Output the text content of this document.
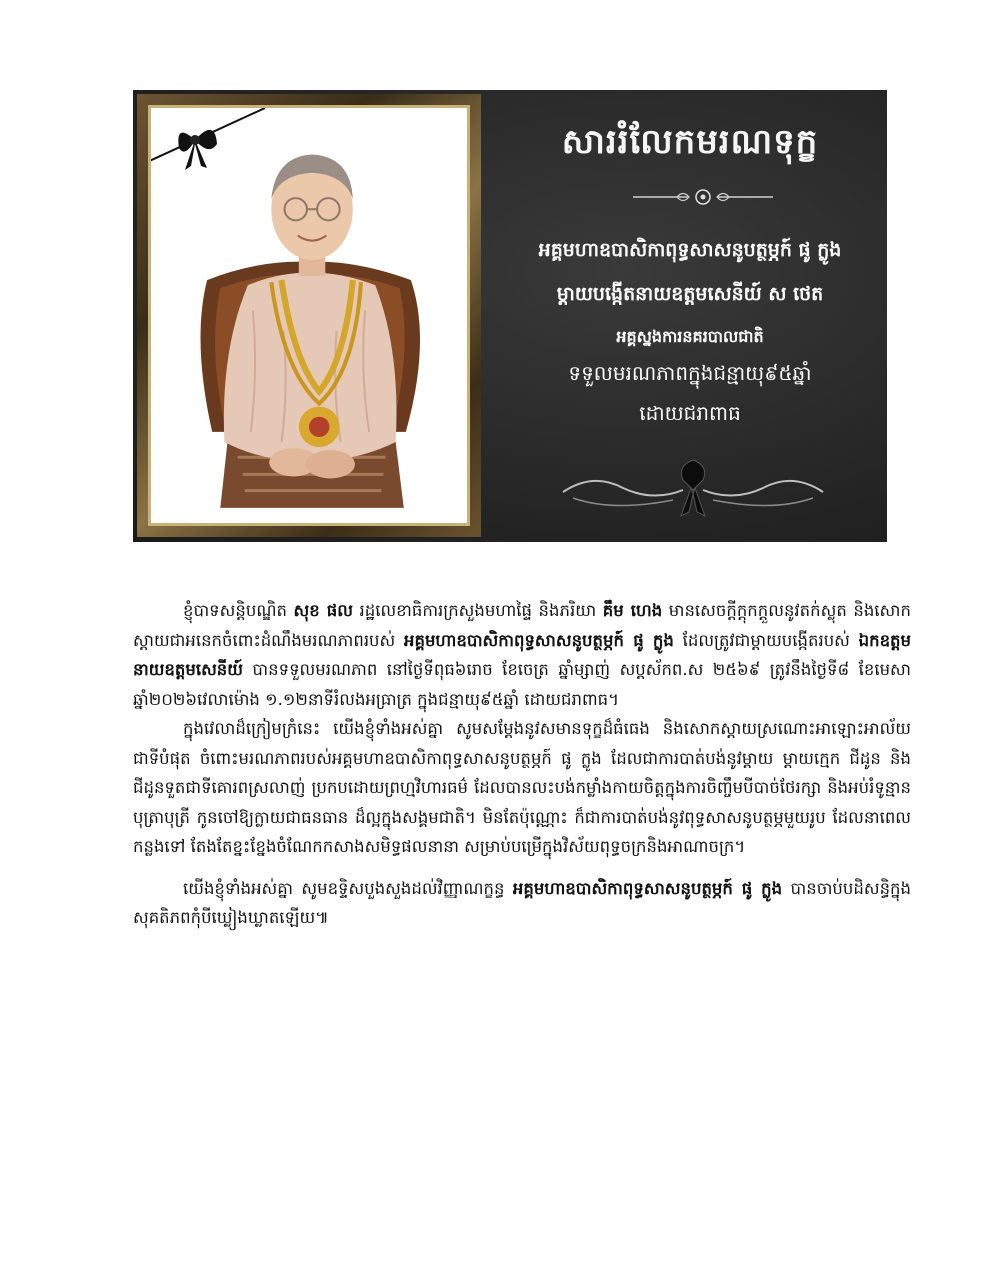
សាររំលែកមរណទុក្ខ
អគ្គមហាឧបាសិកាពុទ្ធសាសនូបត្ថម្ភក៍ ផូ ក្លូង
ម្តាយបង្កើតនាយឧត្តមសេនីយ៍ ស ថេត
អគ្គស្នងការនគរបាលជាតិ
ទទួលមរណភាពក្នុងជន្មាយុ៩៥ឆ្នាំ
ដោយជរាពាធ

ខ្ញុំបាទសន្តិបណ្ឌិត សុខ ផល រដ្ឋលេខាធិការក្រសួងមហាផ្ទៃ និងភរិយា គឹម ហេង មានសេចក្តីក្តុកក្តួលនូវតក់ស្លុត និងសោកស្តាយជាអនេកចំពោះដំណឹងមរណភាពរបស់ អគ្គមហាឧបាសិកាពុទ្ធសាសនូបត្ថម្ភក៍ ផូ ក្លូង ដែលត្រូវជាម្តាយបង្កើតរបស់ ឯកឧត្តមនាយឧត្តមសេនីយ៍ បានទទួលមរណភាព នៅថ្ងៃទីពុធ៦រោច ខែចេត្រ ឆ្នាំម្សាញ់ សប្តស័ក​ព.ស ២៥៦៩ ត្រូវនឹងថ្ងៃទី៨ ខែមេសា ឆ្នាំ២០២៦វេលាម៉ោង ១.១២នាទីរំលងអធ្រាត្រ ក្នុងជន្មាយុ៩៥ឆ្នាំ ដោយជរាពាធ។

ក្នុងវេលាដ៏ក្រៀមក្រំនេះ យើងខ្ញុំទាំងអស់គ្នា សូមសម្តែងនូវសមានទុក្ខដ៏ធំធេង និងសោកស្តាយស្រណោះអាឡោះអាល័យជាទីបំផុត ចំពោះមរណភាពរបស់អគ្គមហាឧបាសិកាពុទ្ធសាសនូបត្ថម្ភក៍ ផូ ក្លូង ដែលជាការបាត់បង់នូវម្តាយ ម្តាយក្មេក ជីដូន និងជីដូនទួតជាទីគោរពស្រលាញ់ ប្រកបដោយព្រហ្មវិហារធម៌ ដែលបានលះបង់កម្លាំងកាយចិត្តក្នុងការចិញ្ចឹមបីបាច់ថែរក្សា និងអប់រំទូន្មានបុត្រាបុត្រី កូនចៅឱ្យក្លាយជាធនធាន ដ៏ល្អក្នុងសង្គមជាតិ។ មិនតែប៉ុណ្ណោះ ក៏ជាការបាត់បង់នូវពុទ្ធសាសនូបត្ថម្ភមួយរូប ដែលនាពេលកន្លងទៅ តែងតែខ្នះខ្នែងចំណែកកសាងសមិទ្ធផលនានា សម្រាប់បម្រើក្នុងវិស័យពុទ្ធចក្រនិងអាណាចក្រ។

យើងខ្ញុំទាំងអស់គ្នា សូមឧទ្ទិសបួងសួងដល់វិញ្ញាណក្ខន្ធ អគ្គមហាឧបាសិកាពុទ្ធសាសនូបត្ថម្ភក៍ ផូ ក្លូង បានចាប់បដិសន្ធិក្នុងសុគតិភពកុំបីឃ្លៀងឃ្លាតឡើយ៕
